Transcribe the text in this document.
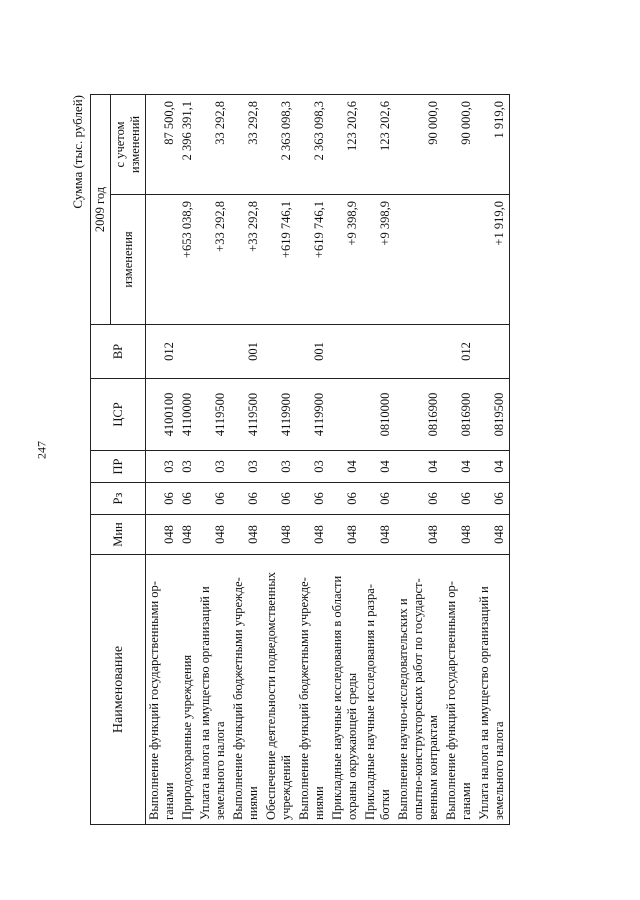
247
Сумма (тыс. рублей)
Наименование	Мин	Рз	ПР	ЦСР	ВР	2009 год	
						изменения	с учетом изменений
Выполнение функций государственными ор-ганами	048	06	03	4100100	012		87 500,0
Природоохранные учреждения	048	06	03	4110000		+653 038,9	2 396 391,1
Уплата налога на имущество организаций и земельного налога	048	06	03	4119500		+33 292,8	33 292,8
Выполнение функций бюджетными учрежде-ниями	048	06	03	4119500	001	+33 292,8	33 292,8
Обеспечение деятельности подведомственных учреждений	048	06	03	4119900		+619 746,1	2 363 098,3
Выполнение функций бюджетными учрежде-ниями	048	06	03	4119900	001	+619 746,1	2 363 098,3
Прикладные научные исследования в области охраны окружающей среды	048	06	04			+9 398,9	123 202,6
Прикладные научные исследования и разра-ботки	048	06	04	0810000		+9 398,9	123 202,6
Выполнение научно-исследовательских и опытно-конструкторских работ по государст-венным контрактам	048	06	04	0816900			90 000,0
Выполнение функций государственными ор-ганами	048	06	04	0816900	012		90 000,0
Уплата налога на имущество организаций и земельного налога	048	06	04	0819500		+1 919,0	1 919,0
